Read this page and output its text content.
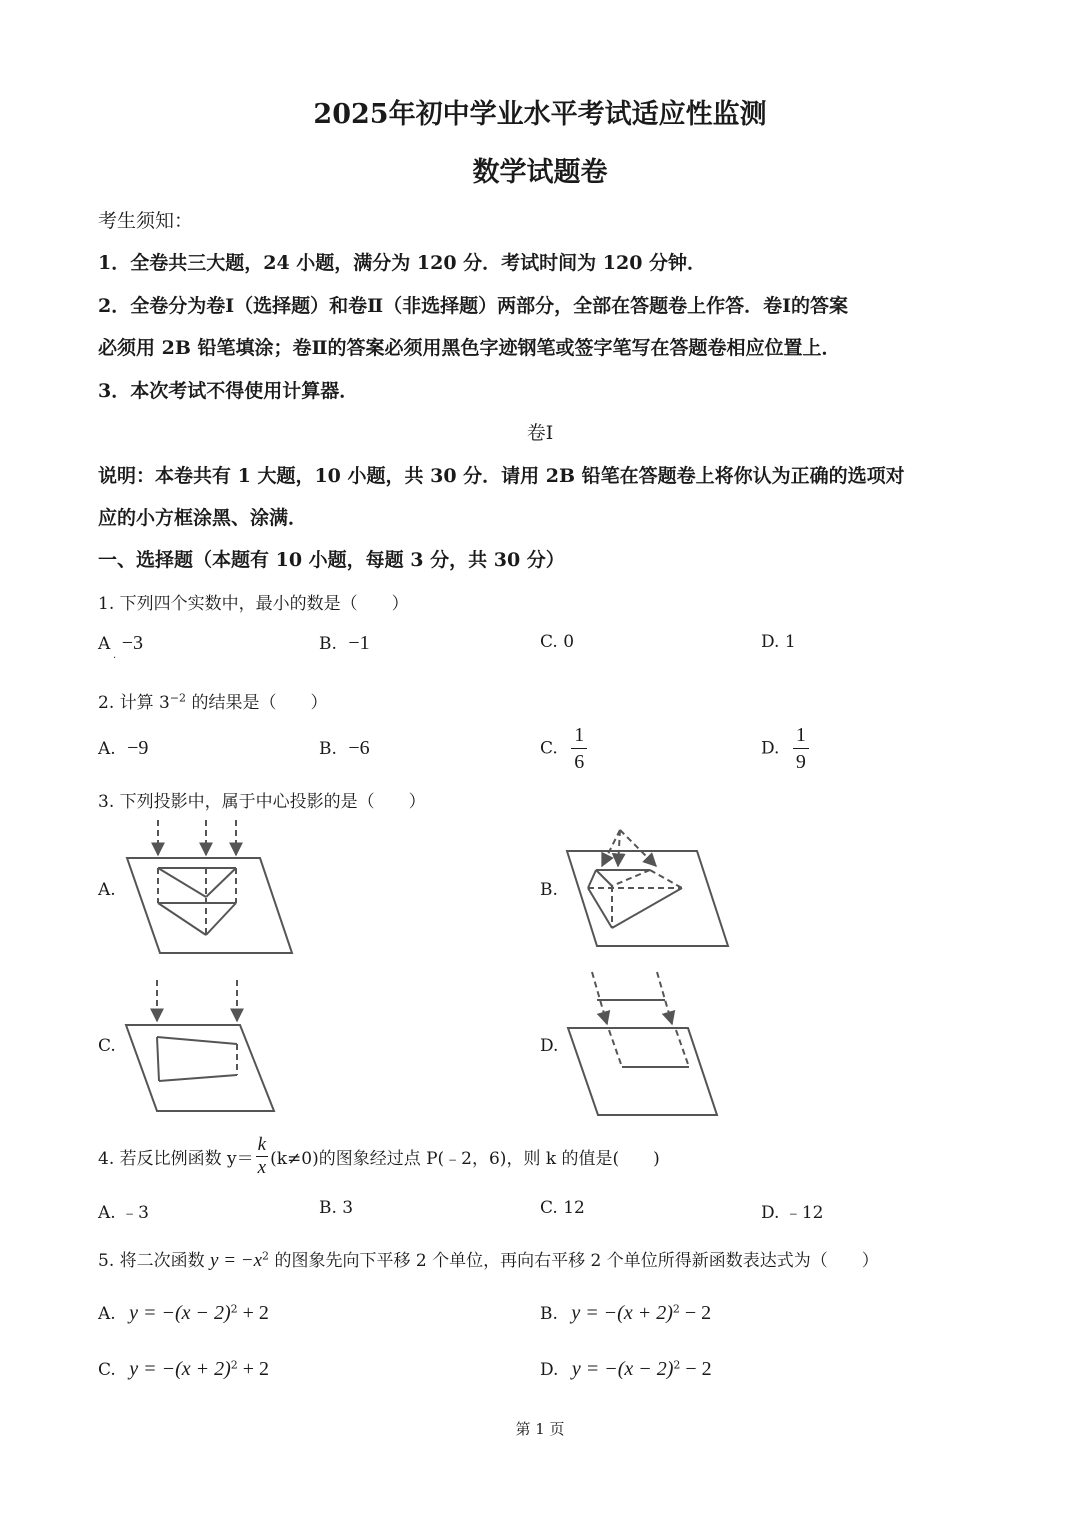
2025年初中学业水平考试适应性监测
数学试题卷
考生须知：
1．全卷共三大题，24 小题，满分为 120 分．考试时间为 120 分钟．
2．全卷分为卷Ⅰ（选择题）和卷Ⅱ（非选择题）两部分，全部在答题卷上作答．卷Ⅰ的答案
必须用 2B 铅笔填涂；卷Ⅱ的答案必须用黑色字迹钢笔或签字笔写在答题卷相应位置上．
3．本次考试不得使用计算器．
卷Ⅰ
说明：本卷共有 1 大题，10 小题，共 30 分．请用 2B 铅笔在答题卷上将你认为正确的选项对
应的小方框涂黑、涂满．
一、选择题（本题有 10 小题，每题 3 分，共 30 分）
1. 下列四个实数中，最小的数是（　　）
A −3
.
B. −1	C. 0	D. 1
2. 计算 $3^{-2}$ 的结果是（　　）
A. −9	B. −6	C. $\frac{1}{6}$	D. $\frac{1}{9}$
3. 下列投影中，属于中心投影的是（　　）
A.	B.
C.	D.
4. 若反比例函数 $y= \frac{k}{x} (k\ne 0)$的图象经过点 P(﹣2，6)，则 k 的值是(　　)
A. ﹣3	B. 3	C. 12	D. ﹣12
5. 将二次函数 $y = -x^2$ 的图象先向下平移 2 个单位，再向右平移 2 个单位所得新函数表达式为（　　）
A. $y = -(x - 2)^2 + 2$	B. $y = -(x + 2)^2 - 2$
C. $y = -(x + 2)^2 + 2$	D. $y = -(x - 2)^2 - 2$
第 1 页
